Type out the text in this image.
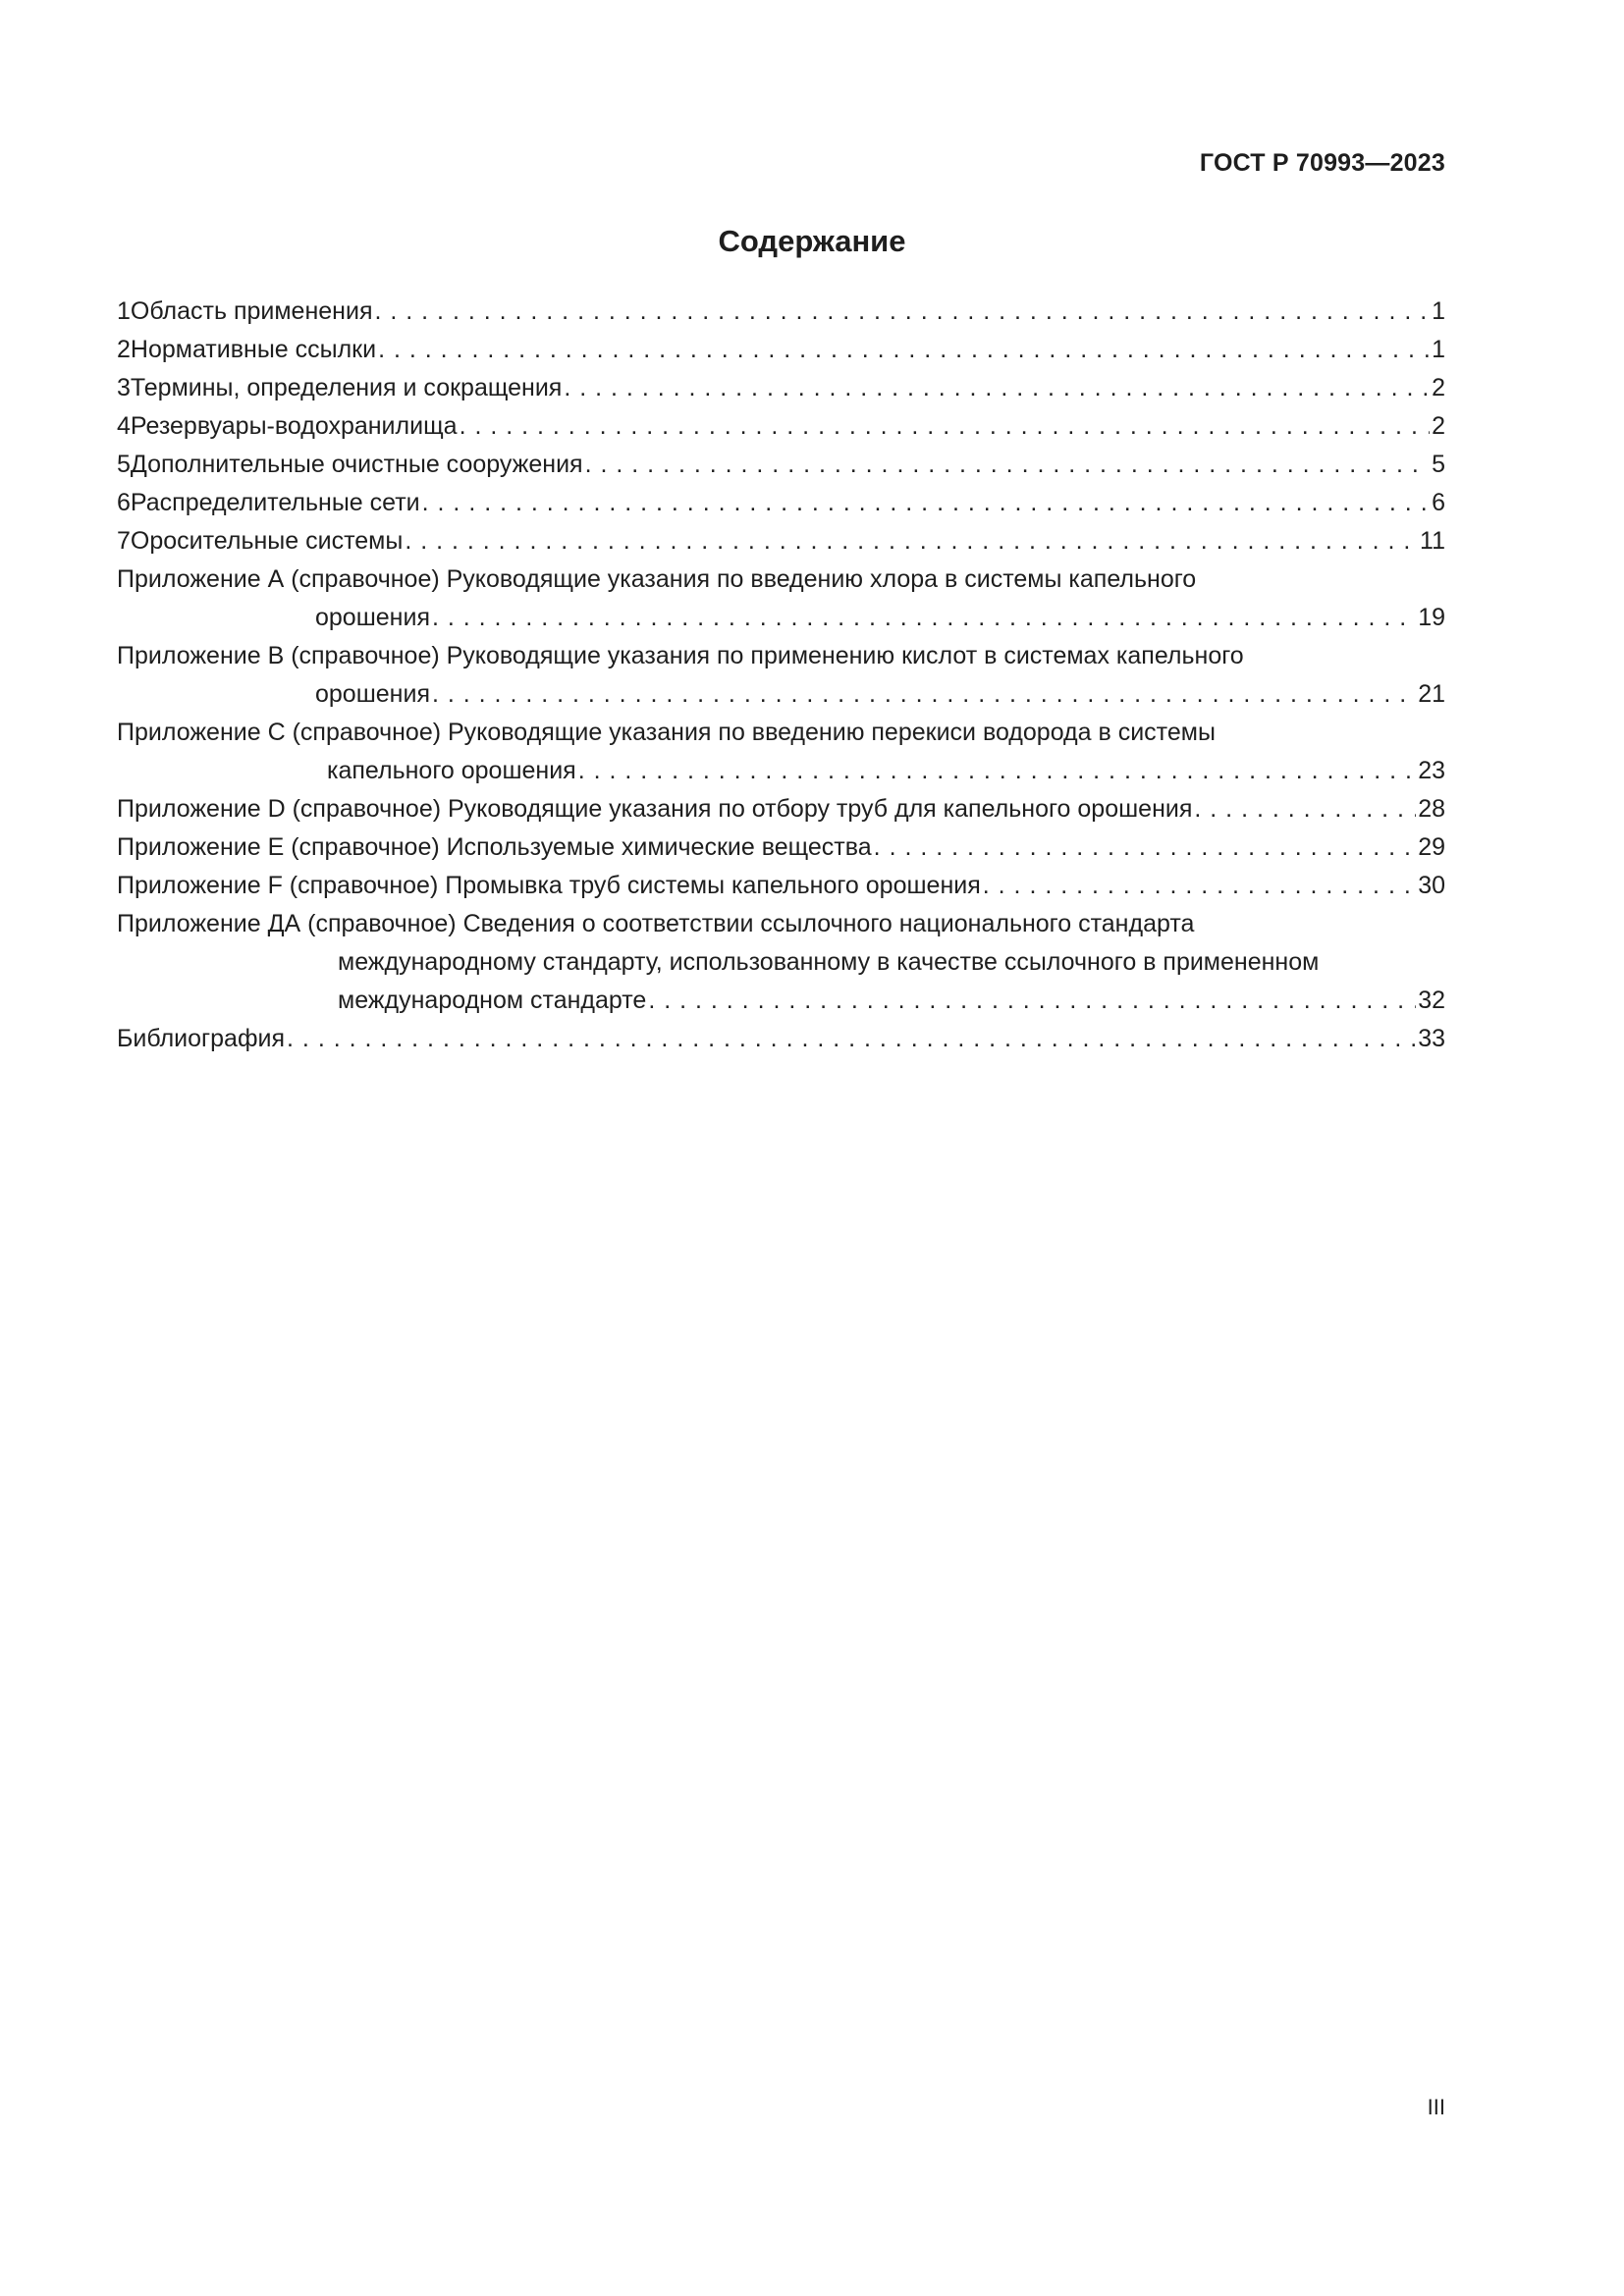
ГОСТ Р 70993—2023
Содержание
1 Область применения . . .	1
2 Нормативные ссылки . . .	1
3 Термины, определения и сокращения . . .	2
4 Резервуары-водохранилища . . .	2
5 Дополнительные очистные сооружения . . .	5
6 Распределительные сети . . .	6
7 Оросительные системы . . .	11
Приложение А (справочное) Руководящие указания по введению хлора в системы капельного
орошения . . .	19
Приложение В (справочное) Руководящие указания по применению кислот в системах капельного
орошения . . .	21
Приложение С (справочное) Руководящие указания по введению перекиси водорода в системы
капельного орошения . . .	23
Приложение D (справочное) Руководящие указания по отбору труб для капельного орошения . . .	28
Приложение Е (справочное) Используемые химические вещества . . .	29
Приложение F (справочное) Промывка труб системы капельного орошения . . .	30
Приложение ДА (справочное) Сведения о соответствии ссылочного национального стандарта
международному стандарту, использованному в качестве ссылочного в примененном
международном стандарте . . .	32
Библиография . . .	33
III
